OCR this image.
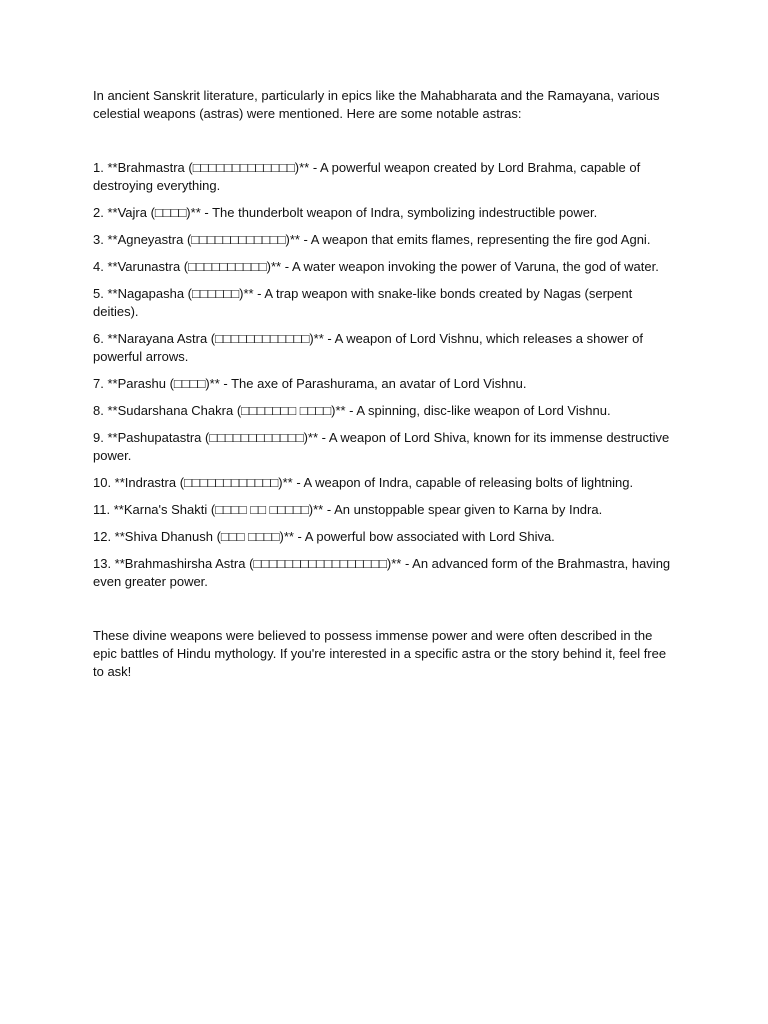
In ancient Sanskrit literature, particularly in epics like the Mahabharata and the Ramayana, various celestial weapons (astras) were mentioned. Here are some notable astras:

1. **Brahmastra (□□□□□□□□□□□□□)** - A powerful weapon created by Lord Brahma, capable of destroying everything.
2. **Vajra (□□□□)** - The thunderbolt weapon of Indra, symbolizing indestructible power.
3. **Agneyastra (□□□□□□□□□□□□)** - A weapon that emits flames, representing the fire god Agni.
4. **Varunastra (□□□□□□□□□□)** - A water weapon invoking the power of Varuna, the god of water.
5. **Nagapasha (□□□□□□)** - A trap weapon with snake-like bonds created by Nagas (serpent deities).
6. **Narayana Astra (□□□□□□□□□□□□)** - A weapon of Lord Vishnu, which releases a shower of powerful arrows.
7. **Parashu (□□□□)** - The axe of Parashurama, an avatar of Lord Vishnu.
8. **Sudarshana Chakra (□□□□□□□ □□□□)** - A spinning, disc-like weapon of Lord Vishnu.
9. **Pashupatastra (□□□□□□□□□□□□)** - A weapon of Lord Shiva, known for its immense destructive power.
10. **Indrastra (□□□□□□□□□□□□)** - A weapon of Indra, capable of releasing bolts of lightning.
11. **Karna's Shakti (□□□□ □□ □□□□□)** - An unstoppable spear given to Karna by Indra.
12. **Shiva Dhanush (□□□ □□□□)** - A powerful bow associated with Lord Shiva.
13. **Brahmashirsha Astra (□□□□□□□□□□□□□□□□□)** - An advanced form of the Brahmastra, having even greater power.

These divine weapons were believed to possess immense power and were often described in the epic battles of Hindu mythology. If you're interested in a specific astra or the story behind it, feel free to ask!
